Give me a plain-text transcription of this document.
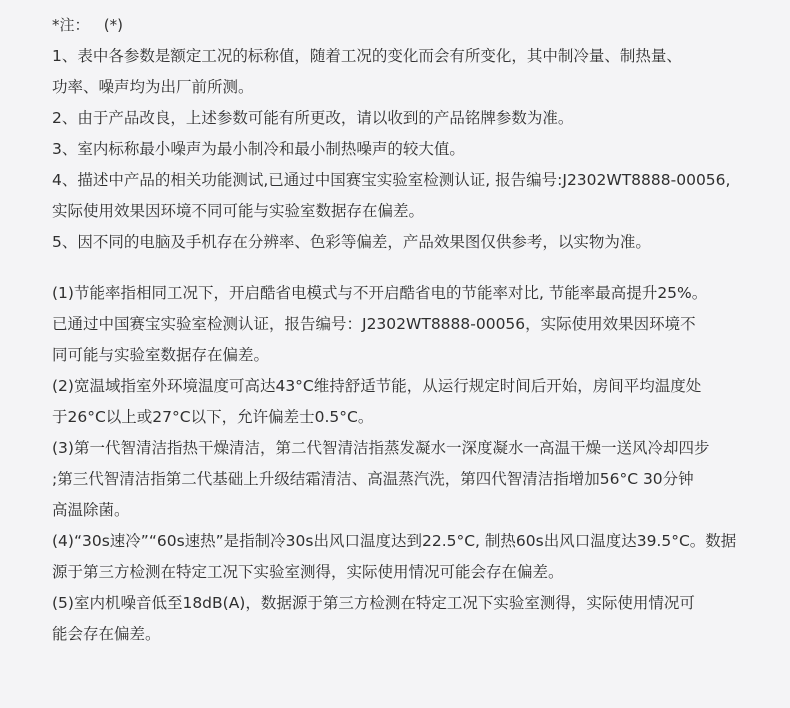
*注：   (*)

1、表中各参数是额定工况的标称值，随着工况的变化而会有所变化，其中制冷量、制热量、

功率、噪声均为出厂前所测。

2、由于产品改良，上述参数可能有所更改，请以收到的产品铭牌参数为准。

3、室内标称最小噪声为最小制冷和最小制热噪声的较大值。

4、描述中产品的相关功能测试,已通过中国赛宝实验室检测认证, 报告编号:J2302WT8888-00056,

实际使用效果因环境不同可能与实验室数据存在偏差。

5、因不同的电脑及手机存在分辨率、色彩等偏差，产品效果图仅供参考，以实物为准。

(1)节能率指相同工况下，开启酷省电模式与不开启酷省电的节能率对比, 节能率最高提升25%。

已通过中国赛宝实验室检测认证，报告编号：J2302WT8888-00056，实际使用效果因环境不

同可能与实验室数据存在偏差。

(2)宽温域指室外环境温度可高达43°C维持舒适节能，从运行规定时间后开始，房间平均温度处

于26°C以上或27°C以下，允许偏差士0.5°C。

(3)第一代智清洁指热干燥清洁，第二代智清洁指蒸发凝水一深度凝水一高温干燥一送风冷却四步

;第三代智清洁指第二代基础上升级结霜清洁、高温蒸汽洗，第四代智清洁指增加56°C 30分钟

高温除菌。

(4)“30s速冷”“60s速热”是指制冷30s出风口温度达到22.5°C, 制热60s出风口温度达39.5°C。数据

源于第三方检测在特定工况下实验室测得，实际使用情况可能会存在偏差。

(5)室内机噪音低至18dB(A)，数据源于第三方检测在特定工况下实验室测得，实际使用情况可

能会存在偏差。
